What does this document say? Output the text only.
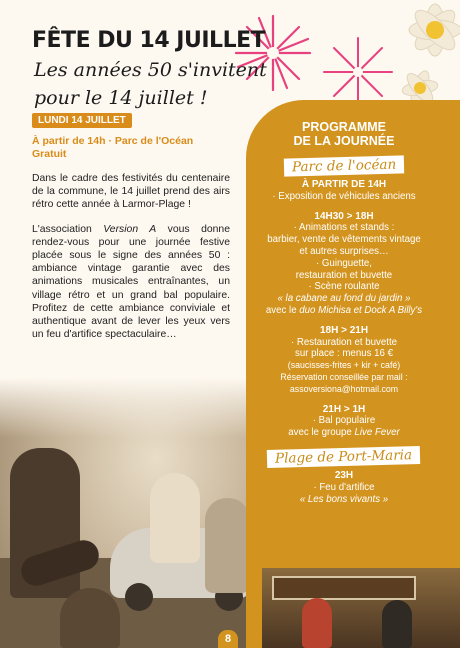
FÊTE DU 14 JUILLET
Les années 50 s'invitent
pour le 14 juillet !
LUNDI 14 JUILLET
À partir de 14h · Parc de l'Océan
Gratuit

Dans le cadre des festivités du centenaire de la commune, le 14 juillet prend des airs rétro cette année à Larmor-Plage !

L'association Version A vous donne rendez-vous pour une journée festive placée sous le signe des années 50 : ambiance vintage garantie avec des animations musicales entraînantes, un village rétro et un grand bal populaire. Profitez de cette ambiance conviviale et authentique avant de lever les yeux vers un feu d'artifice spectaculaire…

PROGRAMME
DE LA JOURNÉE
Parc de l'océan
À PARTIR DE 14H
· Exposition de véhicules anciens
14H30 > 18H
· Animations et stands :
barbier, vente de vêtements vintage
et autres surprises…
· Guinguette,
restauration et buvette
· Scène roulante
« la cabane au fond du jardin »
avec le duo Michisa et Dock A Billy's
18H > 21H
· Restauration et buvette
sur place : menus 16 €
(saucisses-frites + kir + café)
Réservation conseillée par mail :
assoversiona@hotmail.com
21H > 1H
· Bal populaire
avec le groupe Live Fever
Plage de Port-Maria
23H
· Feu d'artifice
« Les bons vivants »
8
